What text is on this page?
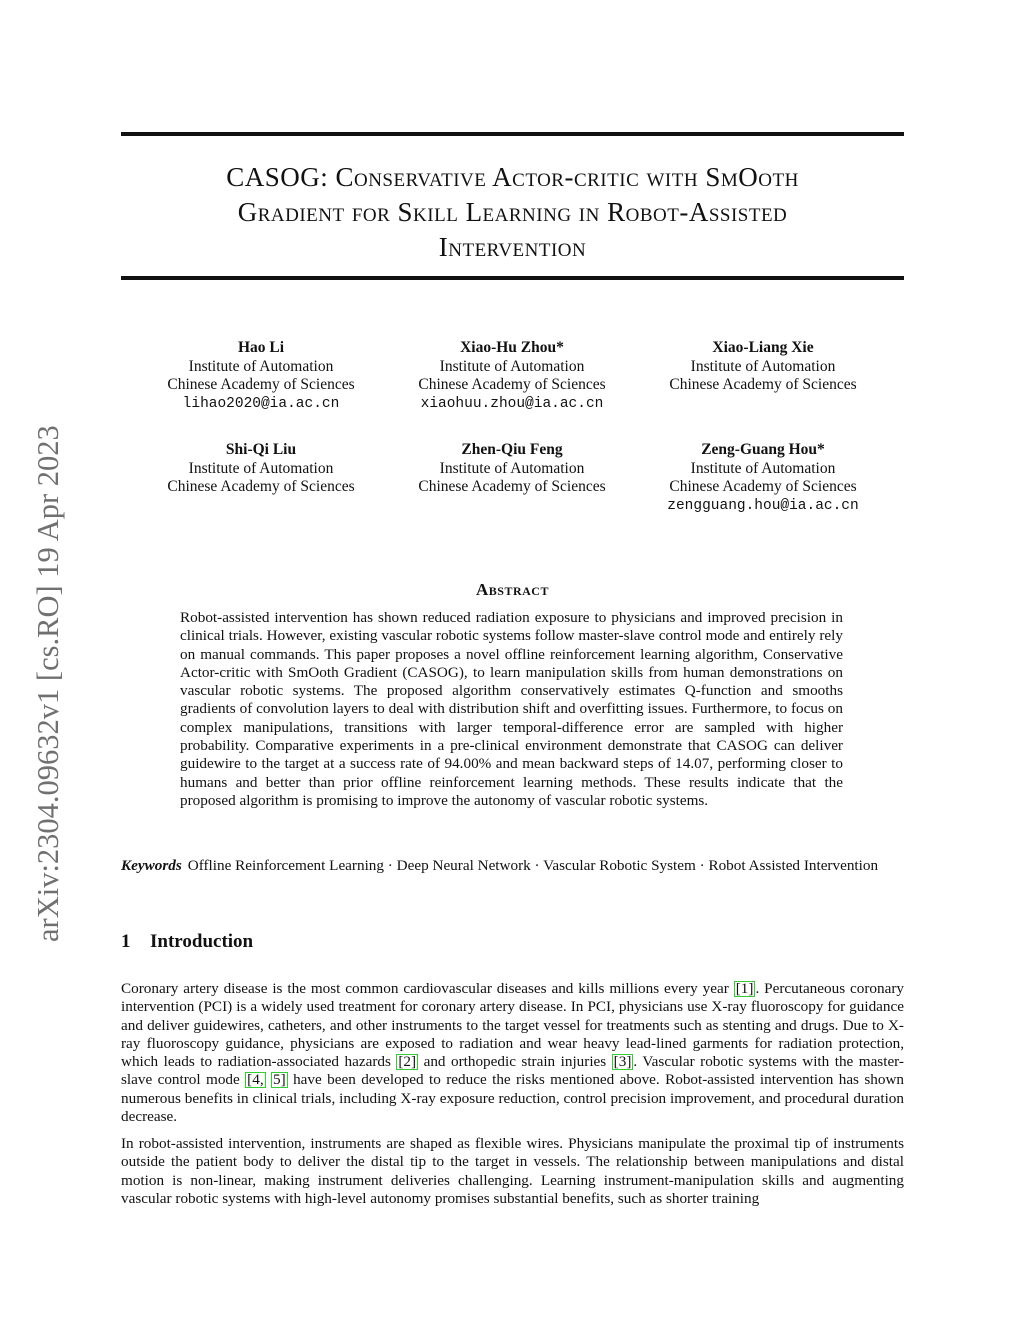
arXiv:2304.09632v1 [cs.RO] 19 Apr 2023
CASOG: Conservative Actor-critic with SmOoth
Gradient for Skill Learning in Robot-Assisted
Intervention
Hao Li
Institute of Automation
Chinese Academy of Sciences
lihao2020@ia.ac.cn
Xiao-Hu Zhou*
Institute of Automation
Chinese Academy of Sciences
xiaohuu.zhou@ia.ac.cn
Xiao-Liang Xie
Institute of Automation
Chinese Academy of Sciences
Shi-Qi Liu
Institute of Automation
Chinese Academy of Sciences
Zhen-Qiu Feng
Institute of Automation
Chinese Academy of Sciences
Zeng-Guang Hou*
Institute of Automation
Chinese Academy of Sciences
zengguang.hou@ia.ac.cn
Abstract
Robot-assisted intervention has shown reduced radiation exposure to physicians and improved precision in clinical trials. However, existing vascular robotic systems follow master-slave control mode and entirely rely on manual commands. This paper proposes a novel offline reinforcement learning algorithm, Conservative Actor-critic with SmOoth Gradient (CASOG), to learn manipulation skills from human demonstrations on vascular robotic systems. The proposed algorithm conservatively estimates Q-function and smooths gradients of convolution layers to deal with distribution shift and overfitting issues. Furthermore, to focus on complex manipulations, transitions with larger temporal-difference error are sampled with higher probability. Comparative experiments in a pre-clinical environment demonstrate that CASOG can deliver guidewire to the target at a success rate of 94.00% and mean backward steps of 14.07, performing closer to humans and better than prior offline reinforcement learning methods. These results indicate that the proposed algorithm is promising to improve the autonomy of vascular robotic systems.
Keywords Offline Reinforcement Learning · Deep Neural Network · Vascular Robotic System · Robot Assisted Intervention
1 Introduction
Coronary artery disease is the most common cardiovascular diseases and kills millions every year [1] . Percutaneous coronary intervention (PCI) is a widely used treatment for coronary artery disease. In PCI, physicians use X-ray fluoroscopy for guidance and deliver guidewires, catheters, and other instruments to the target vessel for treatments such as stenting and drugs. Due to X-ray fluoroscopy guidance, physicians are exposed to radiation and wear heavy lead-lined garments for radiation protection, which leads to radiation-associated hazards [2] and orthopedic strain injuries [3] . Vascular robotic systems with the master-slave control mode [4, 5] have been developed to reduce the risks mentioned above. Robot-assisted intervention has shown numerous benefits in clinical trials, including X-ray exposure reduction, control precision improvement, and procedural duration decrease.
In robot-assisted intervention, instruments are shaped as flexible wires. Physicians manipulate the proximal tip of instruments outside the patient body to deliver the distal tip to the target in vessels. The relationship between manipulations and distal motion is non-linear, making instrument deliveries challenging. Learning instrument-manipulation skills and augmenting vascular robotic systems with high-level autonomy promises substantial benefits, such as shorter training
